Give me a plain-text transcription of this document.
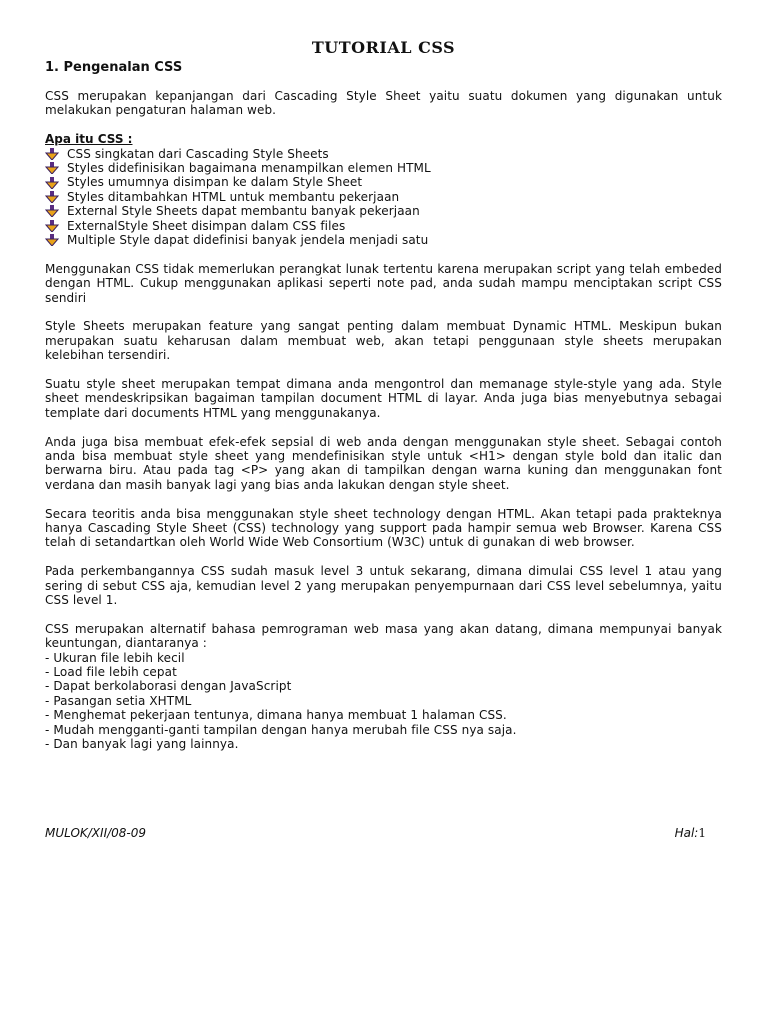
TUTORIAL CSS
1. Pengenalan CSS

CSS merupakan kepanjangan dari Cascading Style Sheet yaitu suatu dokumen yang digunakan untuk melakukan pengaturan halaman web.

Apa itu CSS :

CSS singkatan dari Cascading Style Sheets
Styles didefinisikan bagaimana menampilkan elemen HTML
Styles umumnya disimpan ke dalam Style Sheet
Styles ditambahkan HTML untuk membantu pekerjaan
External Style Sheets dapat membantu banyak pekerjaan
ExternalStyle Sheet disimpan dalam CSS files
Multiple Style dapat didefinisi banyak jendela menjadi satu

Menggunakan CSS tidak memerlukan perangkat lunak tertentu karena merupakan script yang telah embeded dengan HTML. Cukup menggunakan aplikasi seperti note pad, anda sudah mampu menciptakan script CSS sendiri

Style Sheets merupakan feature yang sangat penting dalam membuat Dynamic HTML. Meskipun bukan merupakan suatu keharusan dalam membuat web, akan tetapi penggunaan style sheets merupakan kelebihan tersendiri.

Suatu style sheet merupakan tempat dimana anda mengontrol dan memanage style-style yang ada. Style sheet mendeskripsikan bagaiman tampilan document HTML di layar. Anda juga bias menyebutnya sebagai template dari documents HTML yang menggunakanya.

Anda juga bisa membuat efek-efek sepsial di web anda dengan menggunakan style sheet. Sebagai contoh anda bisa membuat style sheet yang mendefinisikan style untuk <H1> dengan style bold dan italic dan berwarna biru. Atau pada tag <P> yang akan di tampilkan dengan warna kuning dan menggunakan font verdana dan masih banyak lagi yang bias anda lakukan dengan style sheet.

Secara teoritis anda bisa menggunakan style sheet technology dengan HTML. Akan tetapi pada prakteknya hanya Cascading Style Sheet (CSS) technology yang support pada hampir semua web Browser. Karena CSS telah di setandartkan oleh World Wide Web Consortium (W3C) untuk di gunakan di web browser.

Pada perkembangannya CSS sudah masuk level 3 untuk sekarang, dimana dimulai CSS level 1 atau yang sering di sebut CSS aja, kemudian level 2 yang merupakan penyempurnaan dari CSS level sebelumnya, yaitu CSS level 1.

CSS merupakan alternatif bahasa pemrograman web masa yang akan datang, dimana mempunyai banyak keuntungan, diantaranya :

- Ukuran file lebih kecil
- Load file lebih cepat
- Dapat berkolaborasi dengan JavaScript
- Pasangan setia XHTML
- Menghemat pekerjaan tentunya, dimana hanya membuat 1 halaman CSS.
- Mudah mengganti-ganti tampilan dengan hanya merubah file CSS nya saja.
- Dan banyak lagi yang lainnya.
MULOK/XII/08-09	Hal:1
